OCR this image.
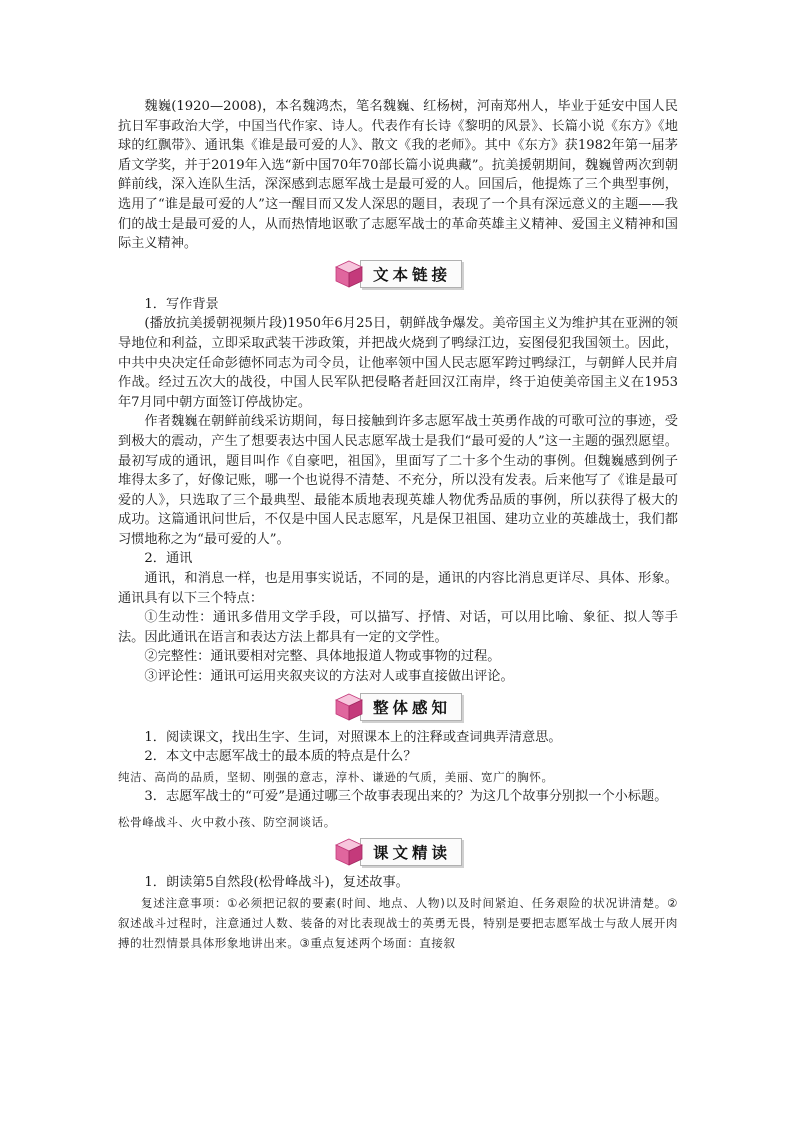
魏巍(1920—2008)，本名魏鸿杰，笔名魏巍、红杨树，河南郑州人，毕业于延安中国人民抗日军事政治大学，中国当代作家、诗人。代表作有长诗《黎明的风景》、长篇小说《东方》《地球的红飘带》、通讯集《谁是最可爱的人》、散文《我的老师》。其中《东方》获1982年第一届茅盾文学奖，并于2019年入选“新中国70年70部长篇小说典藏”。抗美援朝期间，魏巍曾两次到朝鲜前线，深入连队生活，深深感到志愿军战士是最可爱的人。回国后，他提炼了三个典型事例，选用了“谁是最可爱的人”这一醒目而又发人深思的题目，表现了一个具有深远意义的主题——我们的战士是最可爱的人，从而热情地讴歌了志愿军战士的革命英雄主义精神、爱国主义精神和国际主义精神。

文本链接

1．写作背景

(播放抗美援朝视频片段)1950年6月25日，朝鲜战争爆发。美帝国主义为维护其在亚洲的领导地位和利益，立即采取武装干涉政策，并把战火烧到了鸭绿江边，妄图侵犯我国领土。因此，中共中央决定任命彭德怀同志为司令员，让他率领中国人民志愿军跨过鸭绿江，与朝鲜人民并肩作战。经过五次大的战役，中国人民军队把侵略者赶回汉江南岸，终于迫使美帝国主义在1953年7月同中朝方面签订停战协定。

作者魏巍在朝鲜前线采访期间，每日接触到许多志愿军战士英勇作战的可歌可泣的事迹，受到极大的震动，产生了想要表达中国人民志愿军战士是我们“最可爱的人”这一主题的强烈愿望。最初写成的通讯，题目叫作《自豪吧，祖国》，里面写了二十多个生动的事例。但魏巍感到例子堆得太多了，好像记账，哪一个也说得不清楚、不充分，所以没有发表。后来他写了《谁是最可爱的人》，只选取了三个最典型、最能本质地表现英雄人物优秀品质的事例，所以获得了极大的成功。这篇通讯问世后，不仅是中国人民志愿军，凡是保卫祖国、建功立业的英雄战士，我们都习惯地称之为“最可爱的人”。

2．通讯

通讯，和消息一样，也是用事实说话，不同的是，通讯的内容比消息更详尽、具体、形象。通讯具有以下三个特点：

①生动性：通讯多借用文学手段，可以描写、抒情、对话，可以用比喻、象征、拟人等手法。因此通讯在语言和表达方法上都具有一定的文学性。

②完整性：通讯要相对完整、具体地报道人物或事物的过程。

③评论性：通讯可运用夹叙夹议的方法对人或事直接做出评论。

整体感知

1．阅读课文，找出生字、生词，对照课本上的注释或查词典弄清意思。

2．本文中志愿军战士的最本质的特点是什么？

纯洁、高尚的品质，坚韧、刚强的意志，淳朴、谦逊的气质，美丽、宽广的胸怀。

3．志愿军战士的“可爱”是通过哪三个故事表现出来的？为这几个故事分别拟一个小标题。

松骨峰战斗、火中救小孩、防空洞谈话。

课文精读

1．朗读第5自然段(松骨峰战斗)，复述故事。

复述注意事项：①必须把记叙的要素(时间、地点、人物)以及时间紧迫、任务艰险的状况讲清楚。②叙述战斗过程时，注意通过人数、装备的对比表现战士的英勇无畏，特别是要把志愿军战士与敌人展开肉搏的壮烈情景具体形象地讲出来。③重点复述两个场面：直接叙
